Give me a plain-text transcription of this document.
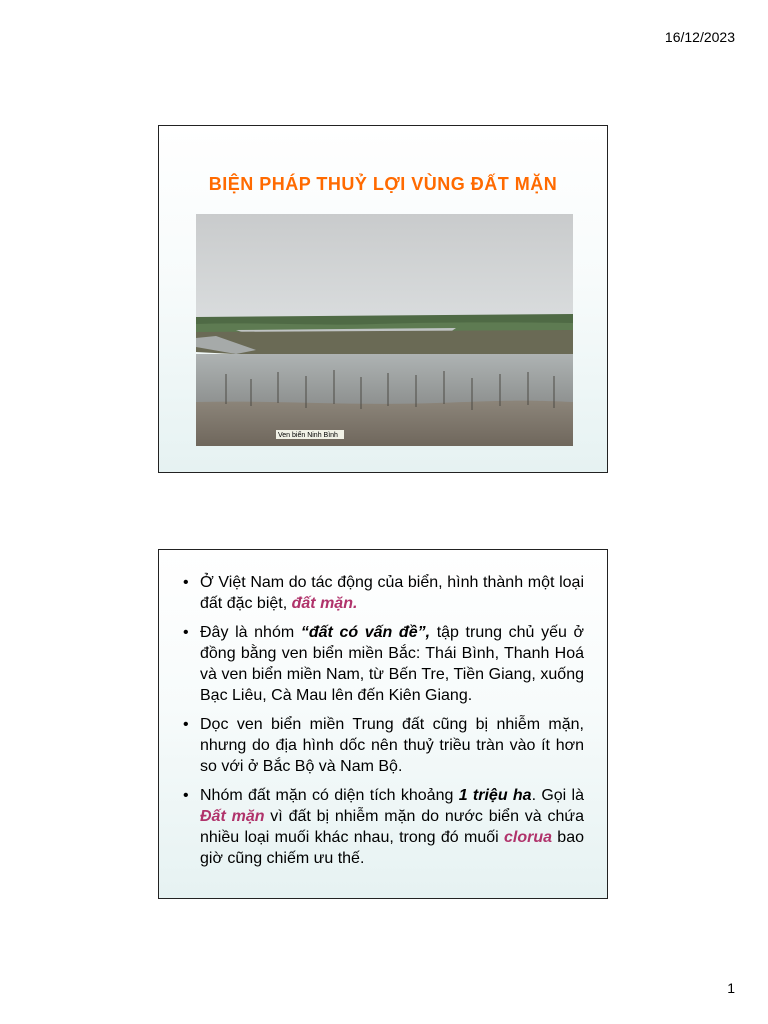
16/12/2023
BIỆN PHÁP THUỶ LỢI VÙNG ĐẤT MẶN
Ven biển Ninh Bình
• Ở Việt Nam do tác động của biển, hình thành một loại đất đặc biệt, đất mặn.
• Đây là nhóm “đất có vấn đề”, tập trung chủ yếu ở đồng bằng ven biển miền Bắc: Thái Bình, Thanh Hoá và ven biển miền Nam, từ Bến Tre, Tiền Giang, xuống Bạc Liêu, Cà Mau lên đến Kiên Giang.
• Dọc ven biển miền Trung đất cũng bị nhiễm mặn, nhưng do địa hình dốc nên thuỷ triều tràn vào ít hơn so với ở Bắc Bộ và Nam Bộ.
• Nhóm đất mặn có diện tích khoảng 1 triệu ha. Gọi là Đất mặn vì đất bị nhiễm mặn do nước biển và chứa nhiều loại muối khác nhau, trong đó muối clorua bao giờ cũng chiếm ưu thế.
1
